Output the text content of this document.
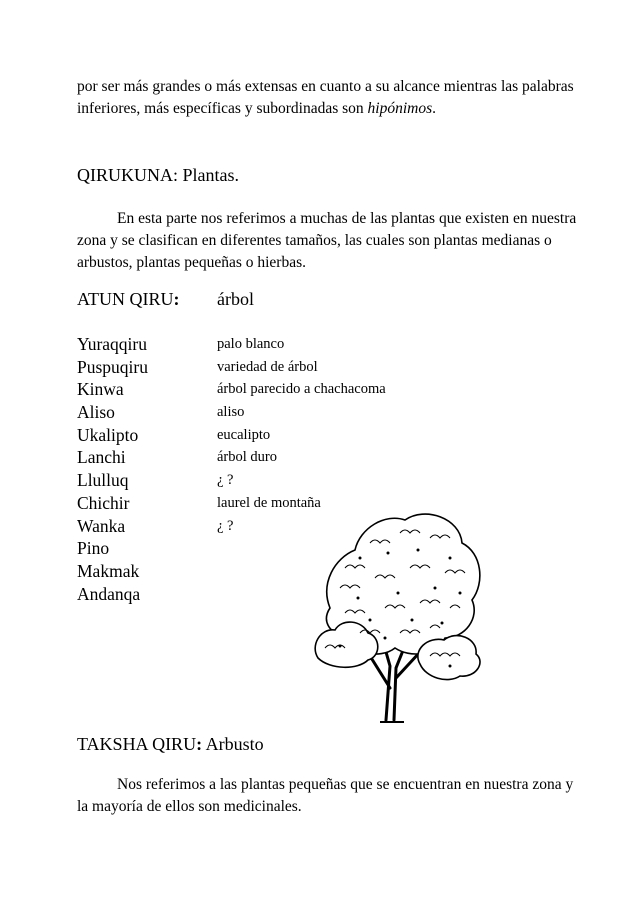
por ser más grandes o más extensas en cuanto a su alcance mientras las palabras inferiores, más específicas y subordinadas son hipónimos.
QIRUKUNA: Plantas.
En esta parte nos referimos a muchas de las plantas que existen en nuestra zona y se clasifican en diferentes tamaños, las cuales son plantas medianas o arbustos, plantas pequeñas o hierbas.
ATUN QIRU: árbol
Yuraqqiru	palo blanco
Puspuqiru	variedad de árbol
Kinwa	árbol parecido a chachacoma
Aliso	aliso
Ukalipto	eucalipto
Lanchi	árbol duro
Llulluq	¿ ?
Chichir	laurel de montaña
Wanka	¿ ?
Pino
Makmak
Andanqa
TAKSHA QIRU: Arbusto
Nos referimos a las plantas pequeñas que se encuentran en nuestra zona y la mayoría de ellos son medicinales.
